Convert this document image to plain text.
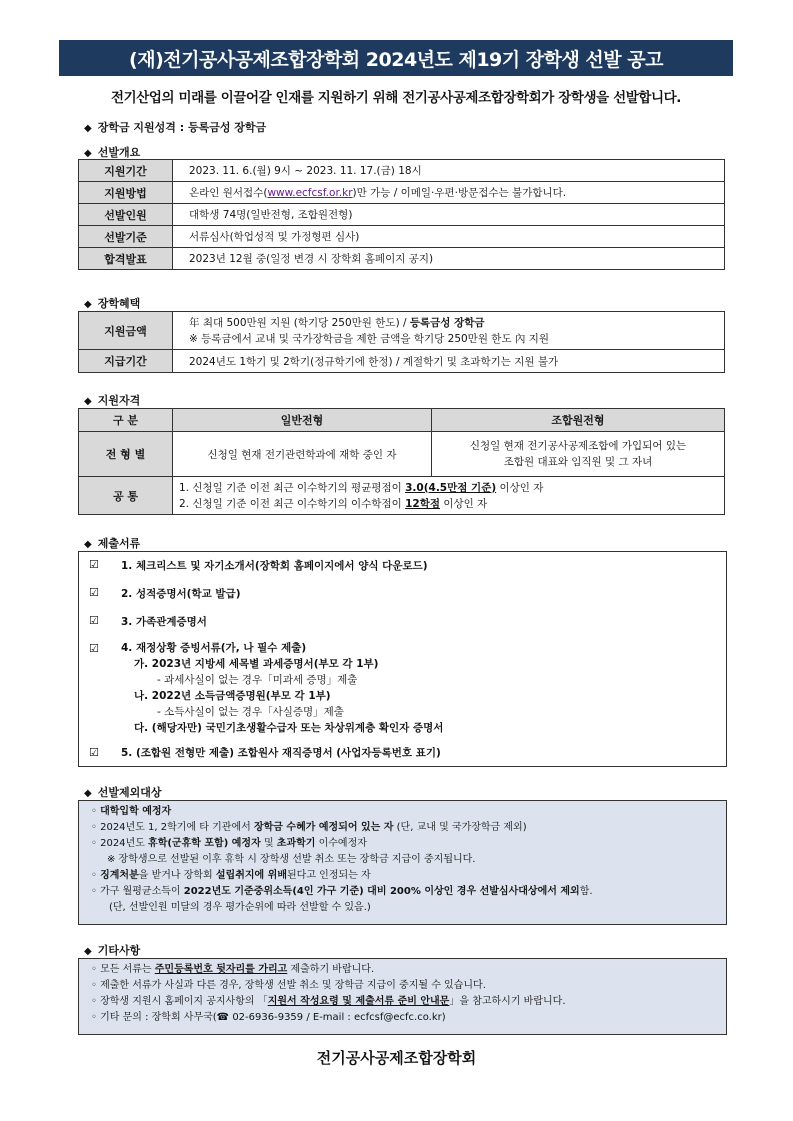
(재)전기공사공제조합장학회 2024년도 제19기 장학생 선발 공고
전기산업의 미래를 이끌어갈 인재를 지원하기 위해 전기공사공제조합장학회가 장학생을 선발합니다.
◆ 장학금 지원성격 : 등록금성 장학금
◆ 선발개요
지원기간	2023. 11. 6.(월) 9시 ~ 2023. 11. 17.(금) 18시
지원방법	온라인 원서접수(www.ecfcsf.or.kr)만 가능 / 이메일·우편·방문접수는 불가합니다.
선발인원	대학생 74명(일반전형, 조합원전형)
선발기준	서류심사(학업성적 및 가정형편 심사)
합격발표	2023년 12월 중(일정 변경 시 장학회 홈페이지 공지)
◆ 장학혜택
지원금액	年 최대 500만원 지원 (학기당 250만원 한도) / 등록금성 장학금
※ 등록금에서 교내 및 국가장학금을 제한 금액을 학기당 250만원 한도 內 지원

지급기간	2024년도 1학기 및 2학기(정규학기에 한정) / 계절학기 및 초과학기는 지원 불가
◆ 지원자격
구 분	일반전형	조합원전형
전 형 별	신청일 현재 전기관련학과에 재학 중인 자	신청일 현재 전기공사공제조합에 가입되어 있는
조합원 대표와 임직원 및 그 자녀

공 통	1. 신청일 기준 이전 최근 이수학기의 평균평점이 3.0(4.5만점 기준) 이상인 자
2. 신청일 기준 이전 최근 이수학기의 이수학점이 12학점 이상인 자	
◆ 제출서류
☑ 1. 체크리스트 및 자기소개서(장학회 홈페이지에서 양식 다운로드)
☑ 2. 성적증명서(학교 발급)
☑ 3. 가족관계증명서
☑ 4. 재정상황 증빙서류(가, 나 필수 제출)
가. 2023년 지방세 세목별 과세증명서(부모 각 1부)
- 과세사실이 없는 경우「미과세 증명」제출
나. 2022년 소득금액증명원(부모 각 1부)
- 소득사실이 없는 경우「사실증명」제출
다. (해당자만) 국민기초생활수급자 또는 차상위계층 확인자 증명서
☑ 5. (조합원 전형만 제출) 조합원사 재직증명서 (사업자등록번호 표기)
◆ 선발제외대상
◦ 대학입학 예정자
◦ 2024년도 1, 2학기에 타 기관에서 장학금 수혜가 예정되어 있는 자 (단, 교내 및 국가장학금 제외)
◦ 2024년도 휴학(군휴학 포함) 예정자 및 초과학기 이수예정자
※ 장학생으로 선발된 이후 휴학 시 장학생 선발 취소 또는 장학금 지급이 중지됩니다.
◦ 징계처분을 받거나 장학회 설립취지에 위배된다고 인정되는 자
◦ 가구 월평균소득이 2022년도 기준중위소득(4인 가구 기준) 대비 200% 이상인 경우 선발심사대상에서 제외함.
(단, 선발인원 미달의 경우 평가순위에 따라 선발할 수 있음.)
◆ 기타사항
◦ 모든 서류는 주민등록번호 뒷자리를 가리고 제출하기 바랍니다.
◦ 제출한 서류가 사실과 다른 경우, 장학생 선발 취소 및 장학금 지급이 중지될 수 있습니다.
◦ 장학생 지원시 홈페이지 공지사항의 「지원서 작성요령 및 제출서류 준비 안내문」을 참고하시기 바랍니다.
◦ 기타 문의 : 장학회 사무국(☎ 02-6936-9359 / E-mail : ecfcsf@ecfc.co.kr)
전기공사공제조합장학회
